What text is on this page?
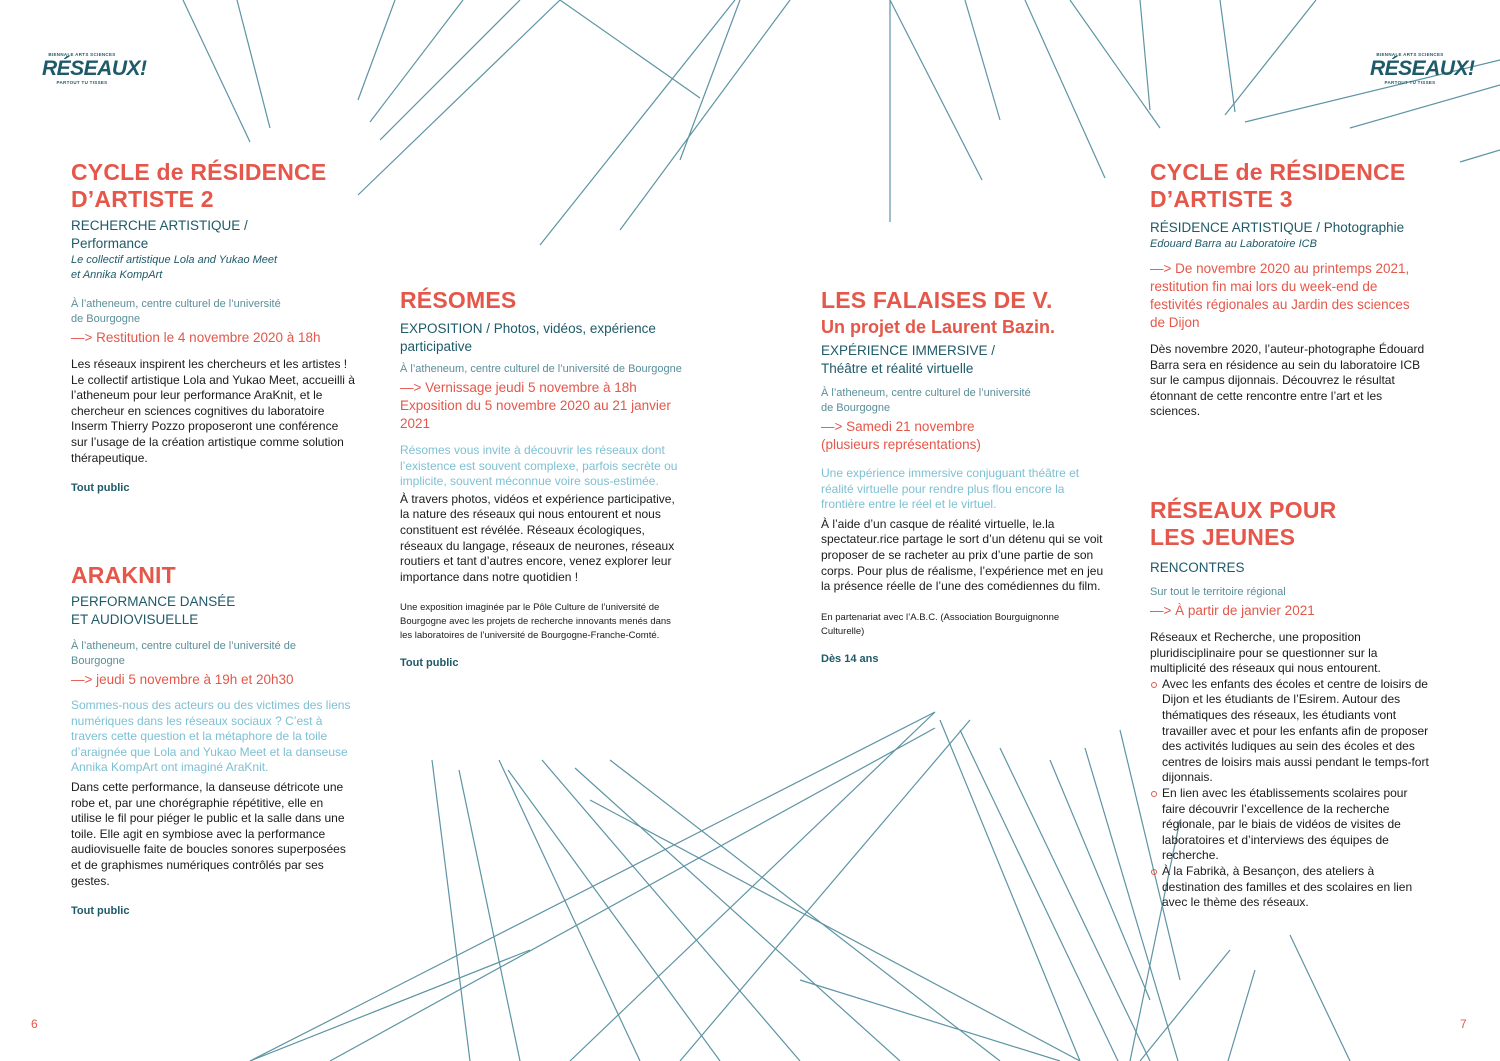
BIENNALE ARTS SCIENCES
RÉSEAUX!
PARTOUT TU TISSES
BIENNALE ARTS SCIENCES
RÉSEAUX!
PARTOUT TU TISSES
CYCLE de RÉSIDENCE D’ARTISTE 2
RECHERCHE ARTISTIQUE /
Performance
Le collectif artistique Lola and Yukao Meet
et Annika KompArt
À l’atheneum, centre culturel de l’université
de Bourgogne
—> Restitution le 4 novembre 2020 à 18h
Les réseaux inspirent les chercheurs et les artistes ! Le collectif artistique Lola and Yukao Meet, accueilli à l’atheneum pour leur performance AraKnit, et le chercheur en sciences cognitives du laboratoire Inserm Thierry Pozzo proposeront une conférence sur l’usage de la création artistique comme solution thérapeutique.
Tout public
ARAKNIT
PERFORMANCE DANSÉE
ET AUDIOVISUELLE
À l’atheneum, centre culturel de l’université de
Bourgogne
—> jeudi 5 novembre à 19h et 20h30
Sommes-nous des acteurs ou des victimes des liens numériques dans les réseaux sociaux ? C’est à travers cette question et la métaphore de la toile d’araignée que Lola and Yukao Meet et la danseuse Annika KompArt ont imaginé AraKnit.
Dans cette performance, la danseuse détricote une robe et, par une chorégraphie répétitive, elle en utilise le fil pour piéger le public et la salle dans une toile. Elle agit en symbiose avec la performance audiovisuelle faite de boucles sonores superposées et de graphismes numériques contrôlés par ses gestes.
Tout public
RÉSOMES
EXPOSITION / Photos, vidéos, expérience participative
À l’atheneum, centre culturel de l’université de Bourgogne
—> Vernissage jeudi 5 novembre à 18h
Exposition du 5 novembre 2020 au 21 janvier 2021
Résomes vous invite à découvrir les réseaux dont l’existence est souvent complexe, parfois secrète ou implicite, souvent méconnue voire sous-estimée.
À travers photos, vidéos et expérience participative, la nature des réseaux qui nous entourent et nous constituent est révélée. Réseaux écologiques, réseaux du langage, réseaux de neurones, réseaux routiers et tant d’autres encore, venez explorer leur importance dans notre quotidien !
Une exposition imaginée par le Pôle Culture de l’université de Bourgogne avec les projets de recherche innovants menés dans les laboratoires de l’université de Bourgogne-Franche-Comté.
Tout public
LES FALAISES DE V.
Un projet de Laurent Bazin.
EXPÉRIENCE IMMERSIVE /
Théâtre et réalité virtuelle
À l’atheneum, centre culturel de l’université
de Bourgogne
—> Samedi 21 novembre
(plusieurs représentations)
Une expérience immersive conjuguant théâtre et réalité virtuelle pour rendre plus flou encore la frontière entre le réel et le virtuel.
À l’aide d’un casque de réalité virtuelle, le.la spectateur.rice partage le sort d’un détenu qui se voit proposer de se racheter au prix d’une partie de son corps. Pour plus de réalisme, l’expérience met en jeu la présence réelle de l’une des comédiennes du film.
En partenariat avec l’A.B.C. (Association Bourguignonne Culturelle)
Dès 14 ans
CYCLE de RÉSIDENCE D’ARTISTE 3
RÉSIDENCE ARTISTIQUE / Photographie
Edouard Barra au Laboratoire ICB
—> De novembre 2020 au printemps 2021, restitution fin mai lors du week-end de festivités régionales au Jardin des sciences de Dijon
Dès novembre 2020, l’auteur-photographe Édouard Barra sera en résidence au sein du laboratoire ICB sur le campus dijonnais. Découvrez le résultat étonnant de cette rencontre entre l’art et les sciences.
RÉSEAUX POUR LES JEUNES
RENCONTRES
Sur tout le territoire régional
—> À partir de janvier 2021
Réseaux et Recherche, une proposition pluridisciplinaire pour se questionner sur la multiplicité des réseaux qui nous entourent.
Avec les enfants des écoles et centre de loisirs de Dijon et les étudiants de l’Esirem. Autour des thématiques des réseaux, les étudiants vont travailler avec et pour les enfants afin de proposer des activités ludiques au sein des écoles et des centres de loisirs mais aussi pendant le temps-fort dijonnais.
En lien avec les établissements scolaires pour faire découvrir l’excellence de la recherche régionale, par le biais de vidéos de visites de laboratoires et d’interviews des équipes de recherche.
À la Fabrikà, à Besançon, des ateliers à destination des familles et des scolaires en lien avec le thème des réseaux.
6	7
